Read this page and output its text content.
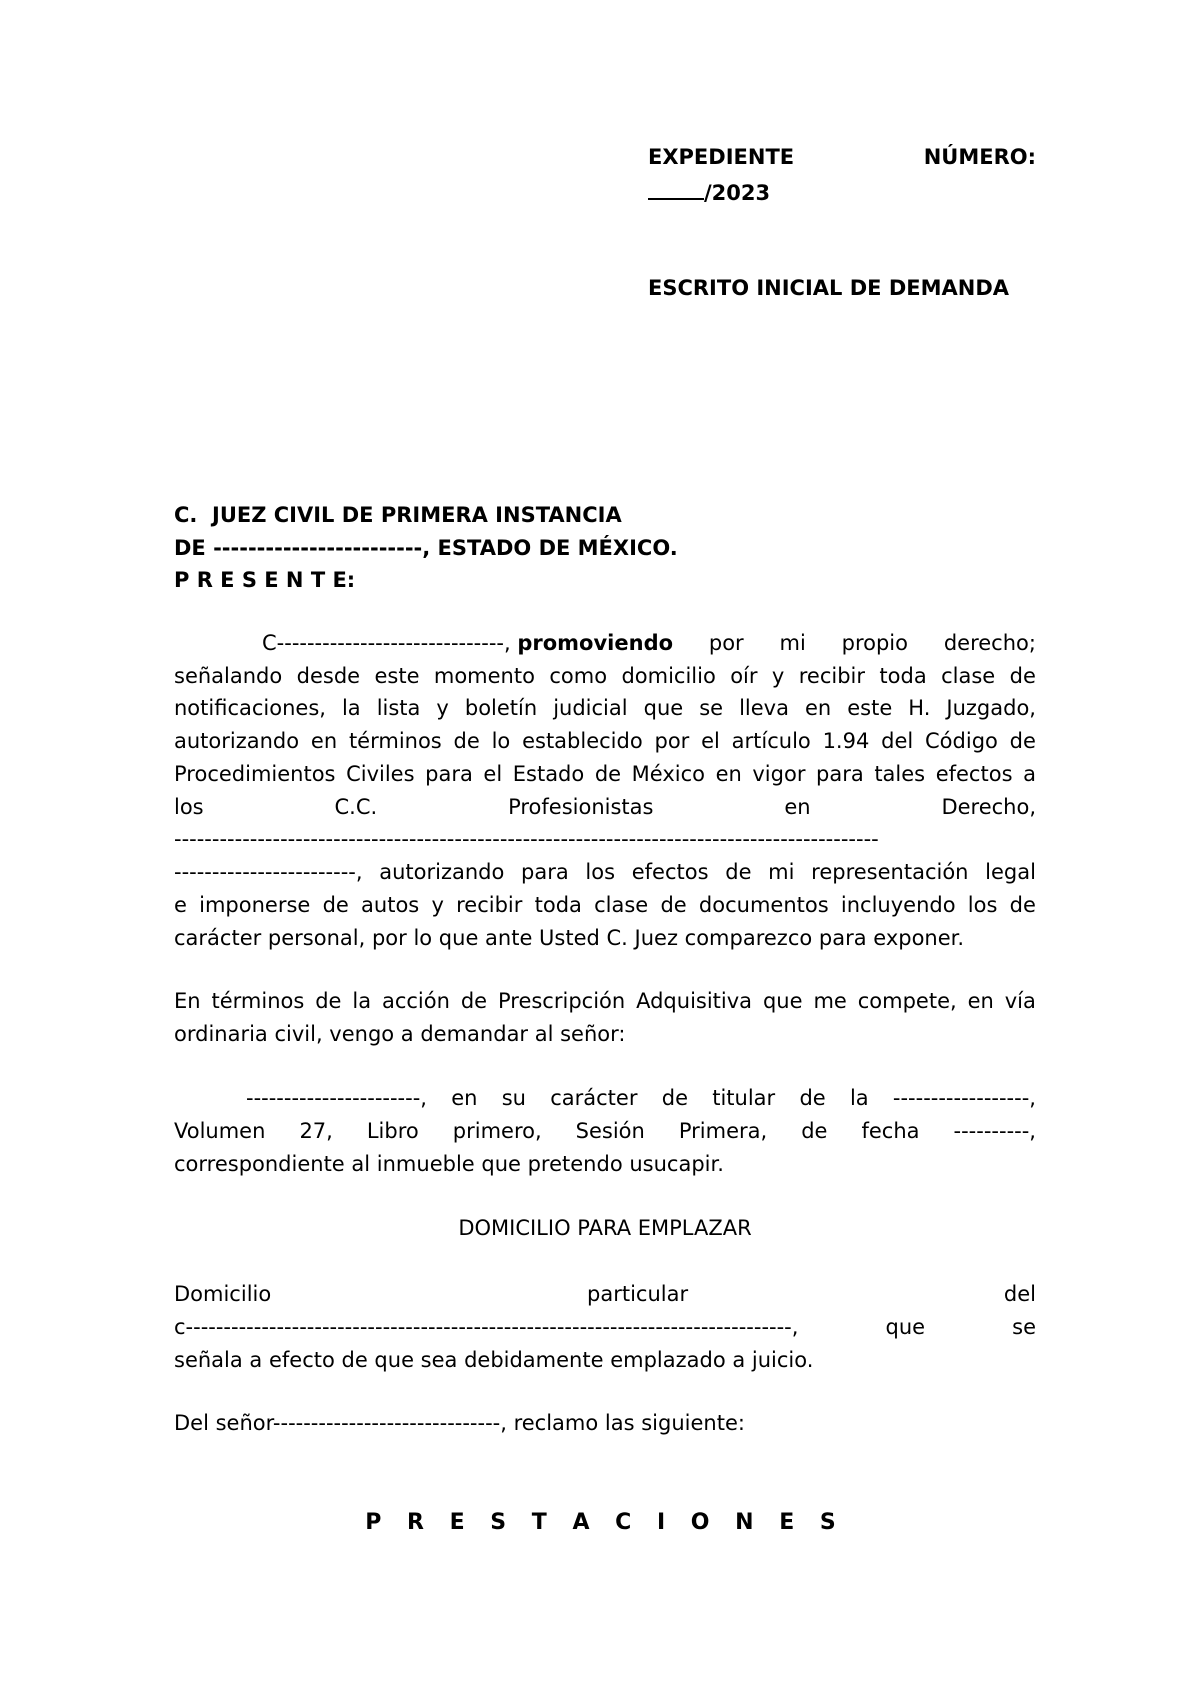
EXPEDIENTE	NÚMERO:
/2023
ESCRITO INICIAL DE DEMANDA
C.  JUEZ CIVIL DE PRIMERA INSTANCIA
DE ------------------------, ESTADO DE MÉXICO.
P R E S E N T E:
C------------------------------, promoviendo por mi propio derecho;
señalando desde este momento como domicilio oír y recibir toda clase de
notificaciones, la lista y boletín judicial que se lleva en este H. Juzgado,
autorizando en términos de lo establecido por el artículo 1.94 del Código de
Procedimientos Civiles para el Estado de México en vigor para tales efectos a
los	C.C.	Profesionistas	en	Derecho,
---------------------------------------------------------------------------------------------
------------------------, autorizando para los efectos de mi representación legal
e imponerse de autos y recibir toda clase de documentos incluyendo los de
carácter personal, por lo que ante Usted C. Juez comparezco para exponer.
En términos de la acción de Prescripción Adquisitiva que me compete, en vía
ordinaria civil, vengo a demandar al señor:
-----------------------, en su carácter de titular de la ------------------,
Volumen 27, Libro primero, Sesión Primera, de fecha ----------,
correspondiente al inmueble que pretendo usucapir.
DOMICILIO PARA EMPLAZAR
Domicilio	particular	del
c--------------------------------------------------------------------------------,	que	se
señala a efecto de que sea debidamente emplazado a juicio.
Del señor------------------------------, reclamo las siguiente:
P R E S T A C I O N E S
